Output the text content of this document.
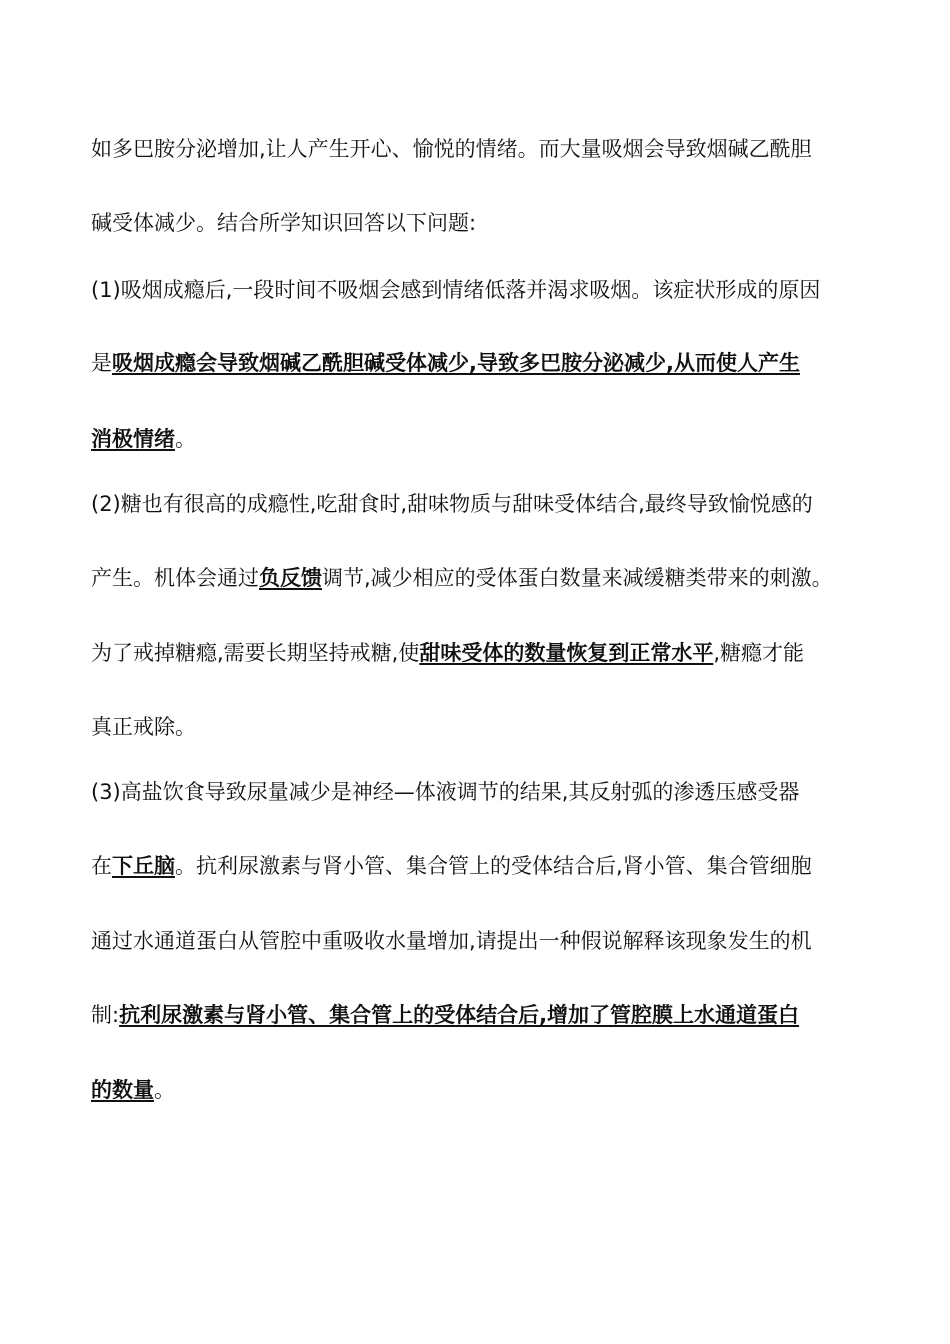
如多巴胺分泌增加,让人产生开心、愉悦的情绪。而大量吸烟会导致烟碱乙酰胆
碱受体减少。结合所学知识回答以下问题:
(1)吸烟成瘾后,一段时间不吸烟会感到情绪低落并渴求吸烟。该症状形成的原因
是吸烟成瘾会导致烟碱乙酰胆碱受体减少,导致多巴胺分泌减少,从而使人产生
消极情绪。
(2)糖也有很高的成瘾性,吃甜食时,甜味物质与甜味受体结合,最终导致愉悦感的
产生。机体会通过负反馈调节,减少相应的受体蛋白数量来减缓糖类带来的刺激。
为了戒掉糖瘾,需要长期坚持戒糖,使甜味受体的数量恢复到正常水平,糖瘾才能
真正戒除。
(3)高盐饮食导致尿量减少是神经—体液调节的结果,其反射弧的渗透压感受器
在下丘脑。抗利尿激素与肾小管、集合管上的受体结合后,肾小管、集合管细胞
通过水通道蛋白从管腔中重吸收水量增加,请提出一种假说解释该现象发生的机
制:抗利尿激素与肾小管、集合管上的受体结合后,增加了管腔膜上水通道蛋白
的数量。
